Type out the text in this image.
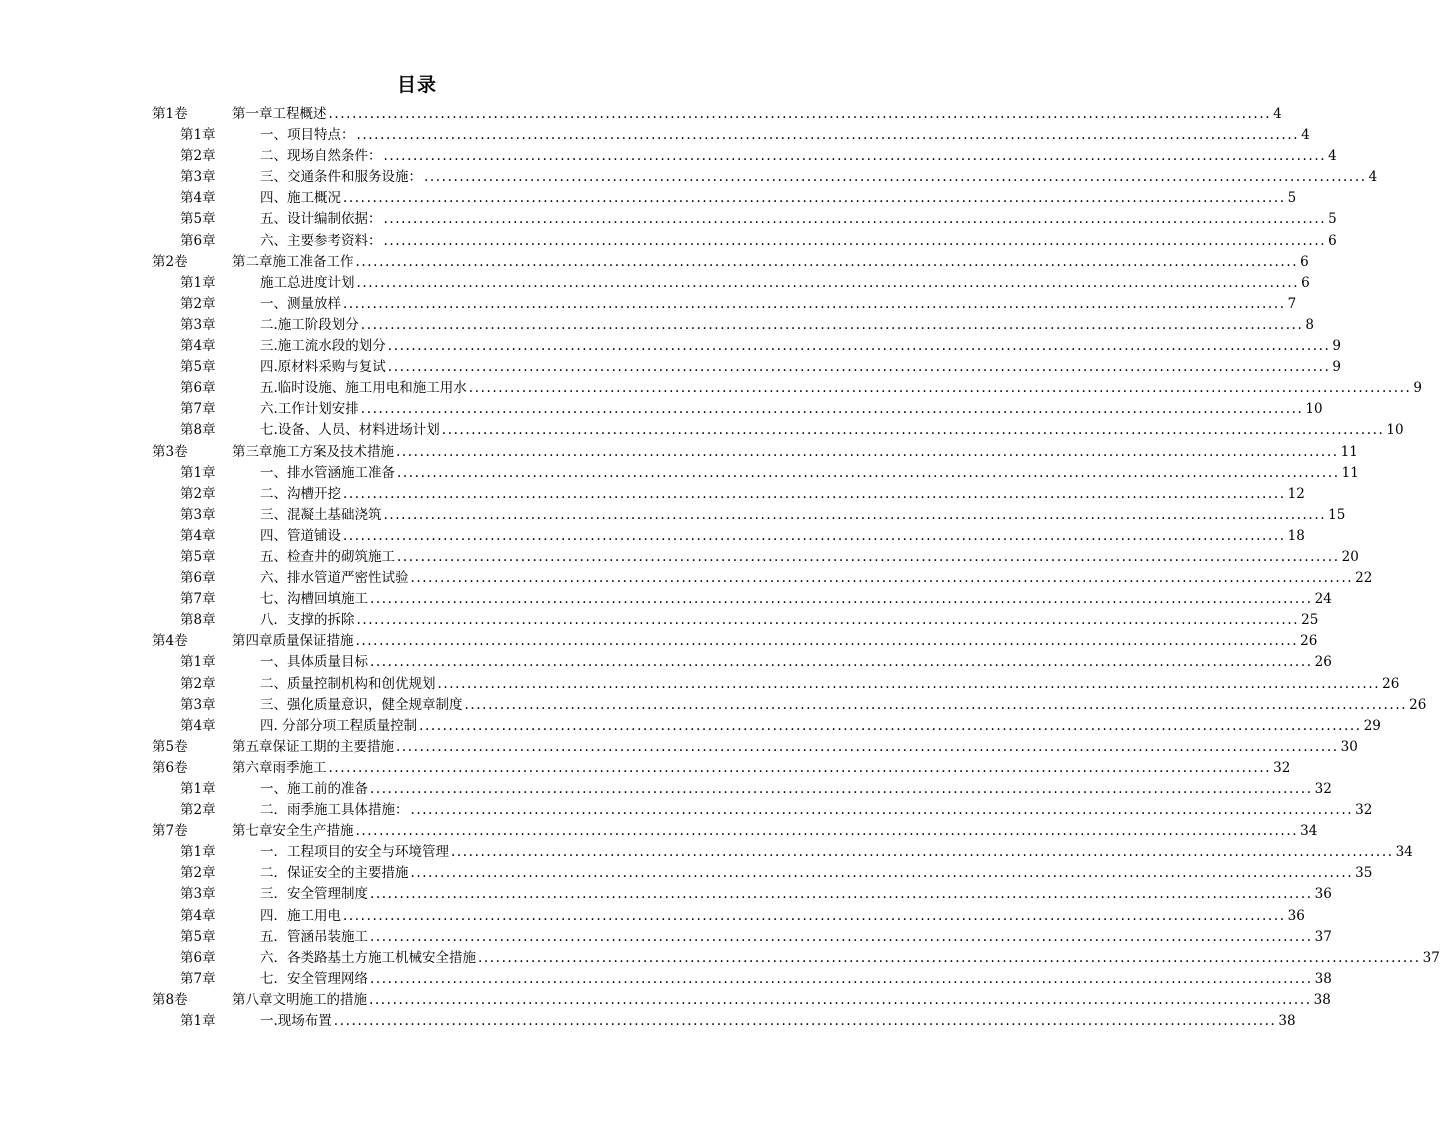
目录
第1卷	第一章工程概述 ................................................................................................................................................................ 4
第1章	一、项目特点： ................................................................................................................................................................ 4
第2章	二、现场自然条件： ................................................................................................................................................................ 4
第3章	三、交通条件和服务设施： ................................................................................................................................................................ 4
第4章	四、施工概况 ................................................................................................................................................................ 5
第5章	五、设计编制依据： ................................................................................................................................................................ 5
第6章	六、主要参考资料： ................................................................................................................................................................ 6
第2卷	第二章施工准备工作 ................................................................................................................................................................ 6
第1章	施工总进度计划 ................................................................................................................................................................ 6
第2章	一、测量放样 ................................................................................................................................................................ 7
第3章	二.施工阶段划分 ................................................................................................................................................................ 8
第4章	三.施工流水段的划分 ................................................................................................................................................................ 9
第5章	四.原材料采购与复试 ................................................................................................................................................................ 9
第6章	五.临时设施、施工用电和施工用水 ................................................................................................................................................................ 9
第7章	六.工作计划安排 ................................................................................................................................................................ 10
第8章	七.设备、人员、材料进场计划 ................................................................................................................................................................ 10
第3卷	第三章施工方案及技术措施 ................................................................................................................................................................ 11
第1章	一、排水管涵施工准备 ................................................................................................................................................................ 11
第2章	二、沟槽开挖 ................................................................................................................................................................ 12
第3章	三、混凝土基础浇筑 ................................................................................................................................................................ 15
第4章	四、管道铺设 ................................................................................................................................................................ 18
第5章	五、检查井的砌筑施工 ................................................................................................................................................................ 20
第6章	六、排水管道严密性试验 ................................................................................................................................................................ 22
第7章	七、沟槽回填施工 ................................................................................................................................................................ 24
第8章	八．支撑的拆除 ................................................................................................................................................................ 25
第4卷	第四章质量保证措施 ................................................................................................................................................................ 26
第1章	一、具体质量目标 ................................................................................................................................................................ 26
第2章	二、质量控制机构和创优规划 ................................................................................................................................................................ 26
第3章	三、强化质量意识，健全规章制度 ................................................................................................................................................................ 26
第4章	四. 分部分项工程质量控制 ................................................................................................................................................................ 29
第5卷	第五章保证工期的主要措施 ................................................................................................................................................................ 30
第6卷	第六章雨季施工 ................................................................................................................................................................ 32
第1章	一、施工前的准备 ................................................................................................................................................................ 32
第2章	二．雨季施工具体措施： ................................................................................................................................................................ 32
第7卷	第七章安全生产措施 ................................................................................................................................................................ 34
第1章	一．工程项目的安全与环境管理 ................................................................................................................................................................ 34
第2章	二．保证安全的主要措施 ................................................................................................................................................................ 35
第3章	三．安全管理制度 ................................................................................................................................................................ 36
第4章	四．施工用电 ................................................................................................................................................................ 36
第5章	五．管涵吊装施工 ................................................................................................................................................................ 37
第6章	六．各类路基土方施工机械安全措施 ................................................................................................................................................................ 37
第7章	七．安全管理网络 ................................................................................................................................................................ 38
第8卷	第八章文明施工的措施 ................................................................................................................................................................ 38
第1章	一.现场布置 ................................................................................................................................................................ 38
